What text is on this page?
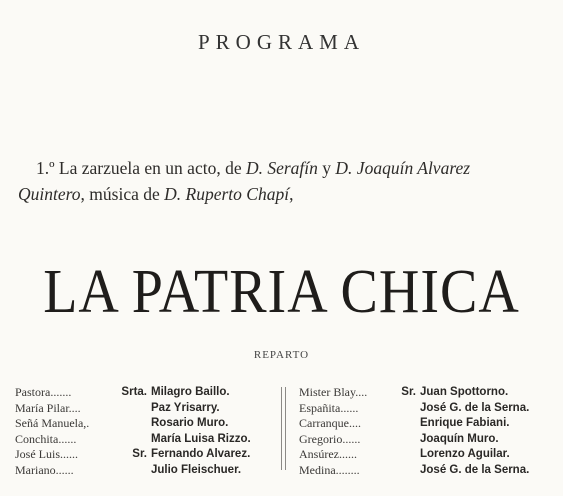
PROGRAMA
1.º La zarzuela en un acto, de D. Serafín y D. Joaquín Alvarez
Quintero, música de D. Ruperto Chapí,
LA PATRIA CHICA
REPARTO
Pastora.......	Srta. Milagro Baillo.
María Pilar....	Paz Yrisarry.
Señá Manuela,.	Rosario Muro.
Conchita......	María Luisa Rizzo.
José Luis......	Sr. Fernando Alvarez.
Mariano......	Julio Fleischuer.
Mister Blay....	Sr. Juan Spottorno.
Españita......	José G. de la Serna.
Carranque....	Enrique Fabiani.
Gregorio......	Joaquín Muro.
Ansúrez......	Lorenzo Aguilar.
Medina........	José G. de la Serna.
